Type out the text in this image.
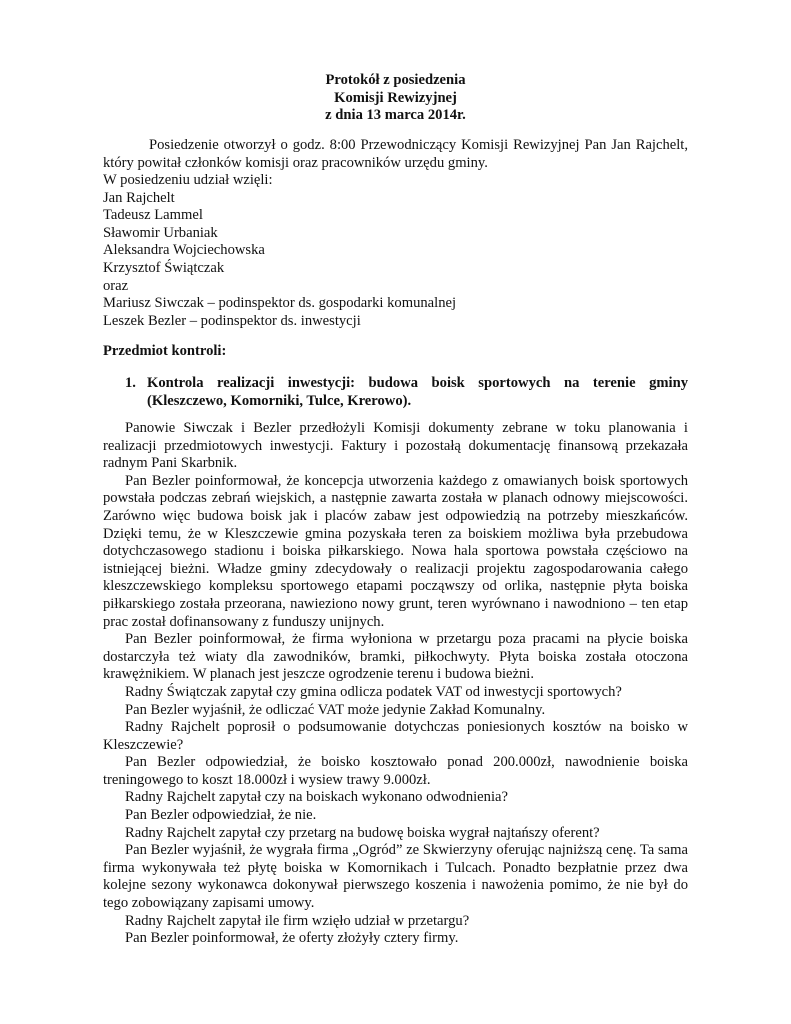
Protokół z posiedzenia
Komisji Rewizyjnej
z dnia 13 marca 2014r.

Posiedzenie otworzył o godz. 8:00 Przewodniczący Komisji Rewizyjnej Pan Jan Rajchelt, który powitał członków komisji oraz pracowników urzędu gminy.

W posiedzeniu udział wzięli:
Jan Rajchelt
Tadeusz Lammel
Sławomir Urbaniak
Aleksandra Wojciechowska
Krzysztof Świątczak
oraz
Mariusz Siwczak – podinspektor ds. gospodarki komunalnej
Leszek Bezler – podinspektor ds. inwestycji
Przedmiot kontroli:
1. Kontrola realizacji inwestycji: budowa boisk sportowych na terenie gminy (Kleszczewo, Komorniki, Tulce, Krerowo).

Panowie Siwczak i Bezler przedłożyli Komisji dokumenty zebrane w toku planowania i realizacji przedmiotowych inwestycji. Faktury i pozostałą dokumentację finansową przekazała radnym Pani Skarbnik.

Pan Bezler poinformował, że koncepcja utworzenia każdego z omawianych boisk sportowych powstała podczas zebrań wiejskich, a następnie zawarta została w planach odnowy miejscowości. Zarówno więc budowa boisk jak i placów zabaw jest odpowiedzią na potrzeby mieszkańców. Dzięki temu, że w Kleszczewie gmina pozyskała teren za boiskiem możliwa była przebudowa dotychczasowego stadionu i boiska piłkarskiego. Nowa hala sportowa powstała częściowo na istniejącej bieżni. Władze gminy zdecydowały o realizacji projektu zagospodarowania całego kleszczewskiego kompleksu sportowego etapami począwszy od orlika, następnie płyta boiska piłkarskiego została przeorana, nawieziono nowy grunt, teren wyrównano i nawodniono – ten etap prac został dofinansowany z funduszy unijnych.

Pan Bezler poinformował, że firma wyłoniona w przetargu poza pracami na płycie boiska dostarczyła też wiaty dla zawodników, bramki, piłkochwyty. Płyta boiska została otoczona krawężnikiem. W planach jest jeszcze ogrodzenie terenu i budowa bieżni.

Radny Świątczak zapytał czy gmina odlicza podatek VAT od inwestycji sportowych?

Pan Bezler wyjaśnił, że odliczać VAT może jedynie Zakład Komunalny.

Radny Rajchelt poprosił o podsumowanie dotychczas poniesionych kosztów na boisko w Kleszczewie?

Pan Bezler odpowiedział, że boisko kosztowało ponad 200.000zł, nawodnienie boiska treningowego to koszt 18.000zł i wysiew trawy 9.000zł.

Radny Rajchelt zapytał czy na boiskach wykonano odwodnienia?

Pan Bezler odpowiedział, że nie.

Radny Rajchelt zapytał czy przetarg na budowę boiska wygrał najtańszy oferent?

Pan Bezler wyjaśnił, że wygrała firma „Ogród” ze Skwierzyny oferując najniższą cenę. Ta sama firma wykonywała też płytę boiska w Komornikach i Tulcach. Ponadto bezpłatnie przez dwa kolejne sezony wykonawca dokonywał pierwszego koszenia i nawożenia pomimo, że nie był do tego zobowiązany zapisami umowy.

Radny Rajchelt zapytał ile firm wzięło udział w przetargu?

Pan Bezler poinformował, że oferty złożyły cztery firmy.
